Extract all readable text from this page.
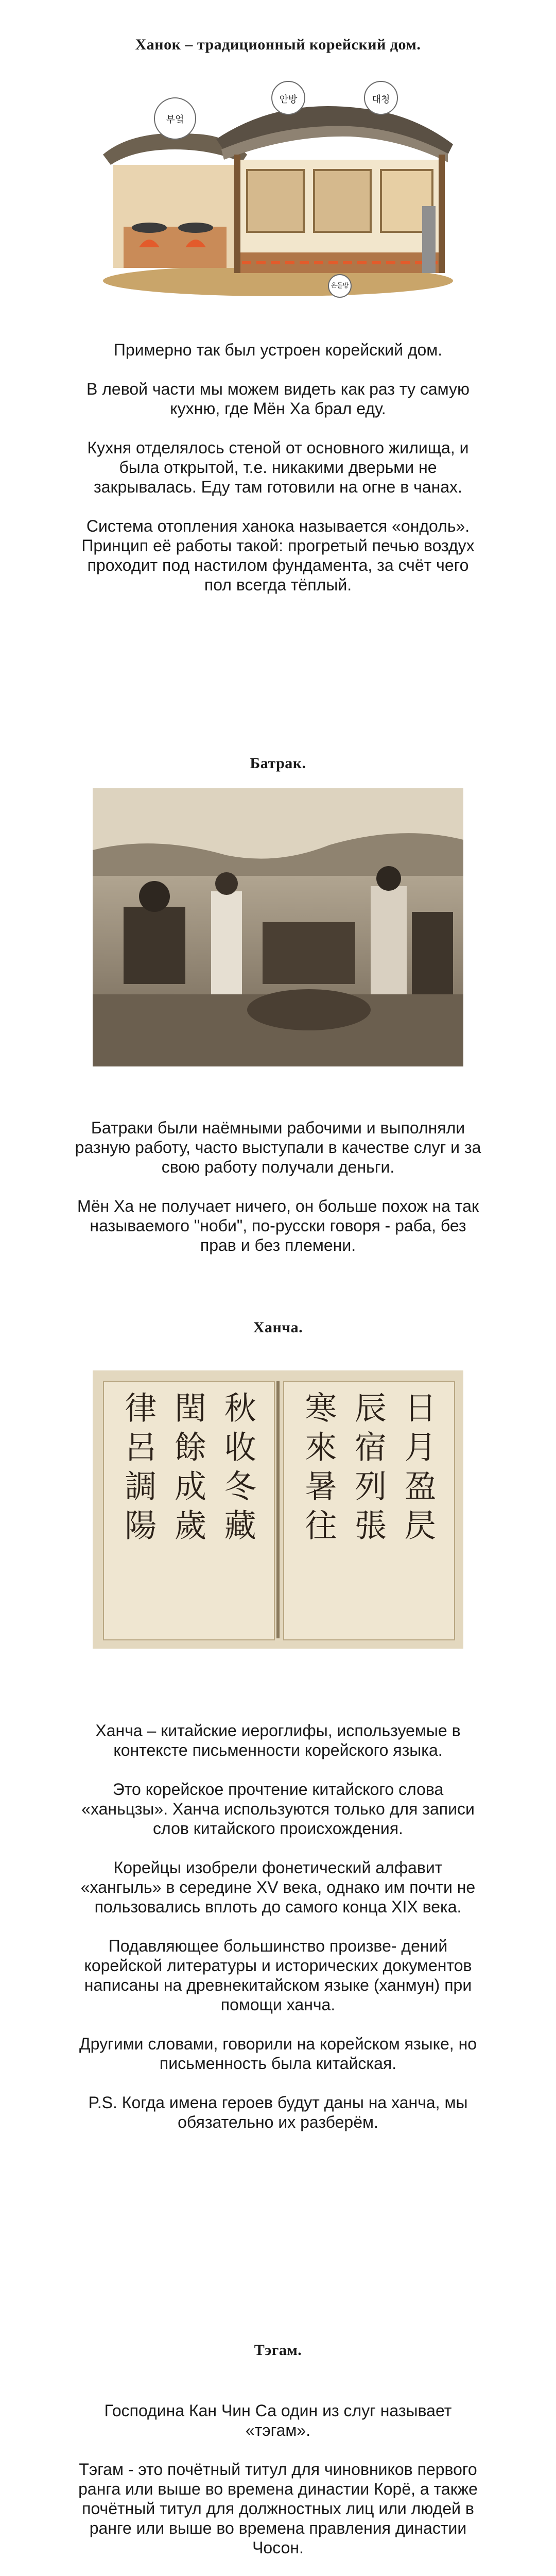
Ханок – традиционный корейский дом.
부엌
안방	대청
온돌방

Примерно так был устроен корейский дом.

В левой части мы можем видеть как раз ту самую кухню, где Мён Ха брал еду.

Кухня отделялось стеной от основного жилища, и была открытой, т.е. никакими дверьми не закрывалась. Еду там готовили на огне в чанах.

Система отопления ханока называется «ондоль». Принцип её работы такой: прогретый печью воздух проходит под настилом фундамента, за счёт чего пол всегда тёплый.

Батрак.

Батраки были наёмными рабочими и выполняли разную работу, часто выступали в качестве слуг и за свою работу получали деньги.

Мён Ха не получает ничего, он больше похож на так называемого "ноби", по-русски говоря - раба, без прав и без племени.

Ханча.
秋收冬藏
閏餘成歲
律呂調陽	日月盈昃
辰宿列張
寒來暑往

Ханча – китайские иероглифы, используемые в контексте письменности корейского языка.

Это корейское прочтение китайского слова «ханьцзы». Ханча используются только для записи слов китайского происхождения.

Корейцы изобрели фонетический алфавит «хангыль» в середине XV века, однако им почти не пользовались вплоть до самого конца XIX века.

Подавляющее большинство произве- дений корейской литературы и исторических документов написаны на древнекитайском языке (ханмун) при помощи ханча.

Другими словами, говорили на корейском языке, но письменность была китайская.

P.S. Когда имена героев будут даны на ханча, мы обязательно их разберём.

Тэгам.

Господина Кан Чин Са один из слуг называет «тэгам».

Тэгам - это почётный титул для чиновников первого ранга или выше во времена династии Корё, а также почётный титул для должностных лиц или людей в ранге или выше во времена правления династии Чосон.
